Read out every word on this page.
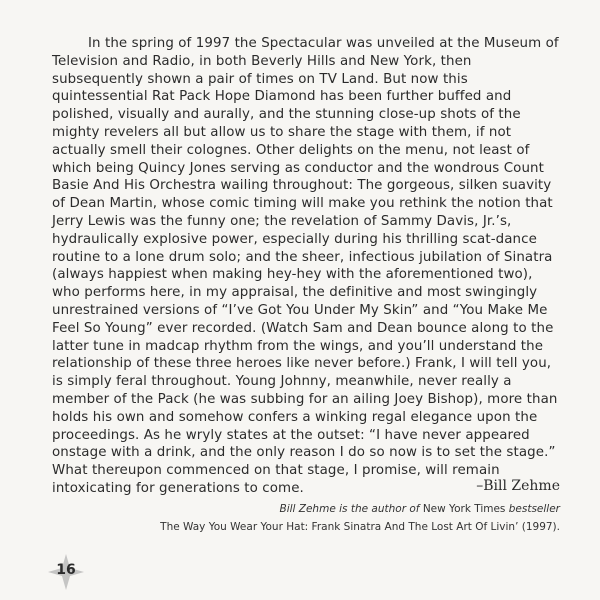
In the spring of 1997 the Spectacular was unveiled at the Museum of Television and Radio, in both Beverly Hills and New York, then subsequently shown a pair of times on TV Land. But now this quintessential Rat Pack Hope Diamond has been further buffed and polished, visually and aurally, and the stunning close-up shots of the mighty revelers all but allow us to share the stage with them, if not actually smell their colognes. Other delights on the menu, not least of which being Quincy Jones serving as conductor and the wondrous Count Basie And His Orchestra wailing throughout: The gorgeous, silken suavity of Dean Martin, whose comic timing will make you rethink the notion that Jerry Lewis was the funny one; the revelation of Sammy Davis, Jr.’s, hydraulically explosive power, especially during his thrilling scat-dance routine to a lone drum solo; and the sheer, infectious jubilation of Sinatra (always happiest when making hey-hey with the aforementioned two), who performs here, in my appraisal, the definitive and most swingingly unrestrained versions of “I’ve Got You Under My Skin” and “You Make Me Feel So Young” ever recorded. (Watch Sam and Dean bounce along to the latter tune in madcap rhythm from the wings, and you’ll understand the relationship of these three heroes like never before.) Frank, I will tell you, is simply feral throughout. Young Johnny, meanwhile, never really a member of the Pack (he was subbing for an ailing Joey Bishop), more than holds his own and somehow confers a winking regal elegance upon the proceedings. As he wryly states at the outset: “I have never appeared onstage with a drink, and the only reason I do so now is to set the stage.” What thereupon commenced on that stage, I promise, will remain intoxicating for generations to come.	–Bill Zehme

Bill Zehme is the author of New York Times bestseller
The Way You Wear Your Hat: Frank Sinatra And The Lost Art Of Livin’ (1997).
16
